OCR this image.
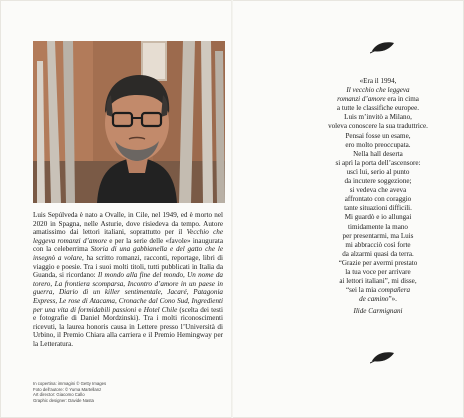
Luis Sepúlveda è nato a Ovalle, in Cile, nel 1949, ed è morto nel 2020 in Spagna, nelle Asturie, dove risiedeva da tempo. Autore amatissimo dai lettori italiani, soprattutto per il Vecchio che leggeva romanzi d’amore e per la serie delle «favole» inaugurata con la celeberrima Storia di una gabbianella e del gatto che le insegnò a volare, ha scritto romanzi, racconti, reportage, libri di viaggio e poesie. Tra i suoi molti titoli, tutti pubblicati in Italia da Guanda, si ricordano: Il mondo alla fine del mondo, Un nome da torero, La frontiera scomparsa, Incontro d’amore in un paese in guerra, Diario di un killer sentimentale, Jacaré, Patagonia Express, Le rose di Atacama, Cronache dal Cono Sud, Ingredienti per una vita di formidabili passioni e Hotel Chile (scelta dei testi e fotografie di Daniel Mordzinski). Tra i molti riconoscimenti ricevuti, la laurea honoris causa in Lettere presso l’Università di Urbino, il Premio Chiara alla carriera e il Premio Hemingway per la Letteratura.

In copertina: immagini © Getty Images
Foto dell’autore: © Yuma Martellanz
Art director: Giacomo Callo
Graphic designer: Davide Nasta
«Era il 1994,
Il vecchio che leggeva
romanzi d’amore era in cima
a tutte le classifiche europee.
Luis m’invitò a Milano,
voleva conoscere la sua traduttrice.
Pensai fosse un esame,
ero molto preoccupata.
Nella hall deserta
si aprì la porta dell’ascensore:
uscì lui, serio al punto
da incutere soggezione;
si vedeva che aveva
affrontato con coraggio
tante situazioni difficili.
Mi guardò e io allungai
timidamente la mano
per presentarmi, ma Luis
mi abbracciò così forte
da alzarmi quasi da terra.
“Grazie per avermi prestato
la tua voce per arrivare
ai lettori italiani”, mi disse,
“sei la mia compañera
de camino”».
Ilide Carmignani
